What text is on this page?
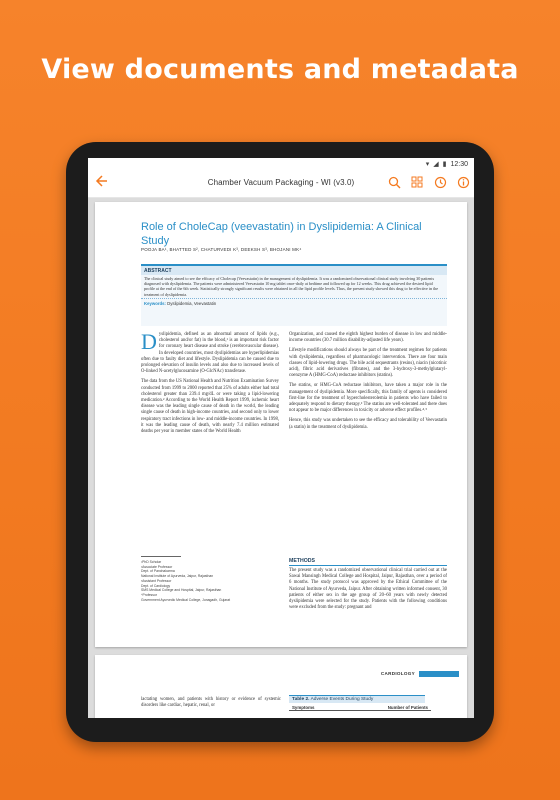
View documents and metadata
▾ ◢ ▮ 12:30
Chamber Vacuum Packaging - WI (v3.0)
Role of CholeCap (veevastatin) in Dyslipidemia: A Clinical Study
POOJA BA¹, BHATTED S², CHATURVEDI K³, DEEKSH S³, BHOJANI MK⁴
ABSTRACT
The clinical study aimed to see the efficacy of Cholecap (Veevastatin) in the management of dyslipidemia. It was a randomized observational clinical study involving 30 patients diagnosed with dyslipidemia. The patients were administered Veevastatin 10 mg tablet once-daily at bedtime and followed up for 12 weeks. This drug achieved the desired lipid profile at the end of the 6th week. Statistically strongly significant results were obtained in all the lipid profile levels. Thus, the present study showed this drug to be effective in the treatment of dyslipidemia.
Keywords: Dyslipidemia, Veevastatin

Dyslipidemia, defined as an abnormal amount of lipids (e.g., cholesterol and/or fat) in the blood,¹ is an important risk factor for coronary heart disease and stroke (cerebrovascular disease). In developed countries, most dyslipidemias are hyperlipidemias often due to faulty diet and lifestyle. Dyslipidemia can be caused due to prolonged elevation of insulin levels and also due to increased levels of O-linked N-acetylglucosamine (O-GlcNAc) transferase.

The data from the US National Health and Nutrition Examination Survey conducted from 1999 to 2000 reported that 25% of adults either had total cholesterol greater than 239.4 mg/dL or were taking a lipid-lowering medication.² According to the World Health Report 1999, ischemic heart disease was the leading single cause of death in the world, the leading single cause of death in high-income countries, and second only to lower respiratory tract infections in low- and middle-income countries. In 1998, it was the leading cause of death, with nearly 7.4 million estimated deaths per year in member states of the World Health

Organization, and caused the eighth highest burden of disease in low and middle-income countries (30.7 million disability-adjusted life years).

Lifestyle modifications should always be part of the treatment regimen for patients with dyslipidemia, regardless of pharmacologic intervention. There are four main classes of lipid-lowering drugs. The bile acid sequestrants (resins), niacin (nicotinic acid), fibric acid derivatives (fibrates), and the 3-hydroxy-3-methylglutaryl-coenzyme A (HMG-CoA) reductase inhibitors (statins).

The statins, or HMG-CoA reductase inhibitors, have taken a major role in the management of dyslipidemia. More specifically, this family of agents is considered first-line for the treatment of hypercholesterolemia in patients who have failed to adequately respond to dietary therapy.³ The statins are well-tolerated and there does not appear to be major differences in toxicity or adverse effect profiles.⁴˒⁵

Hence, this study was undertaken to see the efficacy and tolerability of Veevastatin (a statin) in the treatment of dyslipidemia.

¹PhD Scholar
²Associate Professor
Dept. of Panchakarma
National Institute of Ayurveda, Jaipur, Rajasthan
³Assistant Professor
Dept. of Cardiology
SMS Medical College and Hospital, Jaipur, Rajasthan
⁴Professor
Government Ayurvedic Medical College, Junagadh, Gujarat
METHODS
The present study was a randomized observational clinical trial carried out at the Sawai Mansingh Medical College and Hospital, Jaipur, Rajasthan, over a period of 6 months. The study protocol was approved by the Ethical Committee of the National Institute of Ayurveda, Jaipur. After obtaining written informed consent, 30 patients of either sex in the age group of 20–60 years with newly detected dyslipidemia were selected for the study. Patients with the following conditions were excluded from the study: pregnant and
CARDIOLOGY
lactating women, and patients with history or evidence of systemic disorders like cardiac, hepatic, renal, or
Table 2. Adverse Events During Study
Symptoms	Number of Patients
